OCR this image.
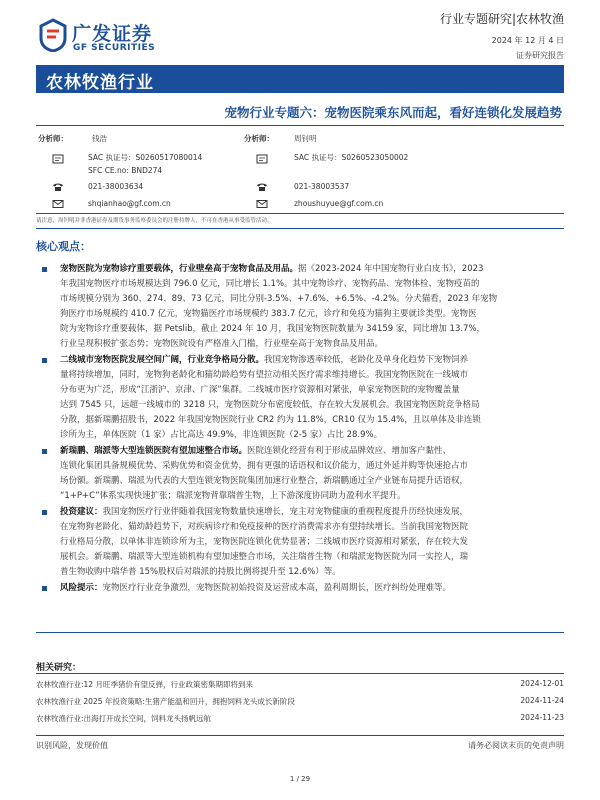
广发证券
GF SECURITIES
行业专题研究|农林牧渔
2024 年 12 月 4 日
证券研究报告
农林牧渔行业
宠物行业专题六：宠物医院乘东风而起，看好连锁化发展趋势
分析师：	钱浩
SAC 执证号：S0260517080014
SFC CE.no: BND274
021-38003634
shqianhao@gf.com.cn
分析师：	周钊明
SAC 执证号：S0260523050002
021-38003537
zhoushuyue@gf.com.cn
请注意，周钊明并非香港证券及期货事务监察委员会的注册持牌人，不可在香港从事受监管活动。
核心观点：
宠物医院为宠物诊疗重要载体，行业壁垒高于宠物食品及用品。据《2023-2024 年中国宠物行业白皮书》，2023
年我国宠物医疗市场规模达到 796.0 亿元，同比增长 1.1%。其中宠物诊疗、宠物药品、宠物体检、宠物疫苗的
市场规模分别为 360、274、89、73 亿元，同比分别-3.5%、+7.6%、+6.5%、-4.2%。分犬猫看，2023 年宠物
狗医疗市场规模约 410.7 亿元，宠物猫医疗市场规模约 383.7 亿元，诊疗和免疫为猫狗主要就诊类型。宠物医
院为宠物诊疗重要载体，据 Petslib，截止 2024 年 10 月，我国宠物医院数量为 34159 家，同比增加 13.7%，
行业呈现积极扩张态势；宠物医院设有严格准入门槛，行业壁垒高于宠物食品及用品。
二线城市宠物医院发展空间广阔，行业竞争格局分散。我国宠物渗透率较低，老龄化及单身化趋势下宠物饲养
量将持续增加，同时，宠物狗老龄化和猫幼龄趋势有望拉动相关医疗需求维持增长。我国宠物医院在一线城市
分布更为广泛，形成“江浙沪、京津、广深”集群。二线城市医疗资源相对紧张，单家宠物医院的宠物覆盖量
达到 7545 只，远超一线城市的 3218 只，宠物医院分布密度较低，存在较大发展机会。我国宠物医院竞争格局
分散，据新瑞鹏招股书，2022 年我国宠物医院行业 CR2 约为 11.8%，CR10 仅为 15.4%，且以单体及非连锁
诊所为主，单体医院（1 家）占比高达 49.9%，非连锁医院（2-5 家）占比 28.9%。
新瑞鹏、瑞派等大型连锁医院有望加速整合市场。医院连锁化经营有利于形成品牌效应、增加客户黏性、
连锁化集团具备规模优势、采购优势和资金优势，拥有更强的话语权和议价能力，通过外延并购等快速抢占市
场份额。新瑞鹏、瑞派为代表的大型连锁宠物医院集团加速行业整合，新瑞鹏通过全产业链布局提升话语权，
“1+P+C”体系实现快速扩张；瑞派宠物背靠瑞普生物，上下游深度协同助力盈利水平提升。
投资建议：我国宠物医疗行业伴随着我国宠物数量快速增长，宠主对宠物健康的重视程度提升历经快速发展，
在宠物狗老龄化、猫幼龄趋势下，对疾病诊疗和免疫接种的医疗消费需求亦有望持续增长。当前我国宠物医院
行业格局分散，以单体非连锁诊所为主，宠物医院连锁化优势显著；二线城市医疗资源相对紧张，存在较大发
展机会。新瑞鹏、瑞派等大型连锁机构有望加速整合市场，关注瑞普生物（和瑞派宠物医院为同一实控人，瑞
普生物收购中瑞华普 15%股权后对瑞派的持股比例将提升至 12.6%）等。
风险提示：宠物医疗行业竞争激烈，宠物医院初始投资及运营成本高，盈利周期长，医疗纠纷处理难等。
相关研究：
农林牧渔行业:12 月旺季猪价有望反弹，行业政策密集期即将到来	2024-12-01
农林牧渔行业 2025 年投资策略:生猪产能温和回升，拥抱饲料龙头成长新阶段	2024-11-24
农林牧渔行业:出海打开成长空间，饲料龙头扬帆远航	2024-11-23
识别风险，发现价值	请务必阅读末页的免责声明
1 / 29
